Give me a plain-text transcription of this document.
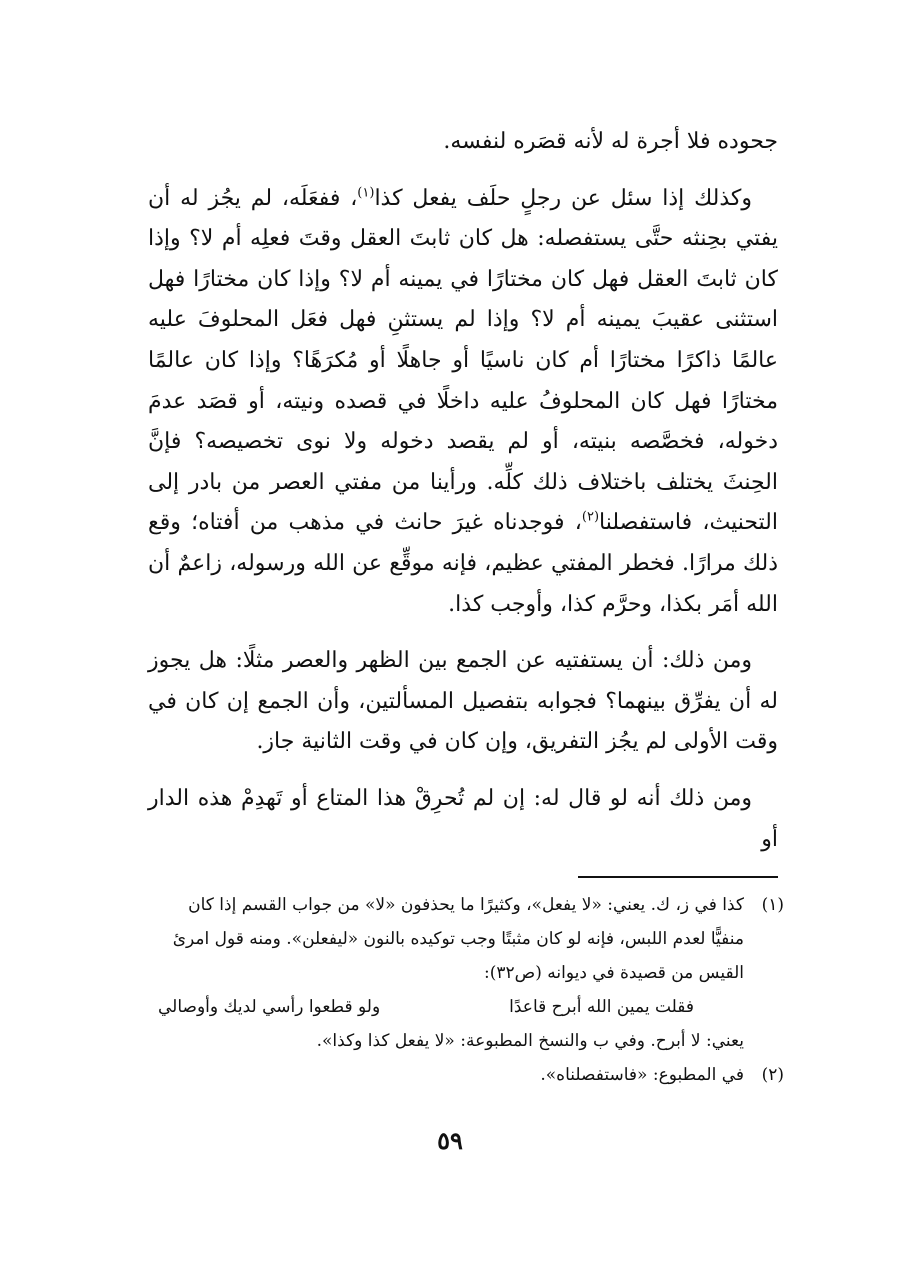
جحوده فلا أجرة له لأنه قصَره لنفسه.

وكذلك إذا سئل عن رجلٍ حلَف يفعل كذا$^{(١)}$، ففعَلَه، لم يجُز له أن يفتي بحِنثه حتَّى يستفصله: هل كان ثابتَ العقل وقتَ فعلِه أم لا؟ وإذا كان ثابتَ العقل فهل كان مختارًا في يمينه أم لا؟ وإذا كان مختارًا فهل استثنى عقيبَ يمينه أم لا؟ وإذا لم يستثنِ فهل فعَل المحلوفَ عليه عالمًا ذاكرًا مختارًا أم كان ناسيًا أو جاهلًا أو مُكرَهًا؟ وإذا كان عالمًا مختارًا فهل كان المحلوفُ عليه داخلًا في قصده ونيته، أو قصَد عدمَ دخوله، فخصَّصه بنيته، أو لم يقصد دخوله ولا نوى تخصيصه؟ فإنَّ الحِنثَ يختلف باختلاف ذلك كلِّه. ورأينا من مفتي العصر من بادر إلى التحنيث، فاستفصلنا$^{(٢)}$، فوجدناه غيرَ حانث في مذهب من أفتاه؛ وقع ذلك مرارًا. فخطر المفتي عظيم، فإنه موقِّع عن الله ورسوله، زاعمٌ أن الله أمَر بكذا، وحرَّم كذا، وأوجب كذا.

ومن ذلك: أن يستفتيه عن الجمع بين الظهر والعصر مثلًا: هل يجوز له أن يفرِّق بينهما؟ فجوابه بتفصيل المسألتين، وأن الجمع إن كان في وقت الأولى لم يجُز التفريق، وإن كان في وقت الثانية جاز.

ومن ذلك أنه لو قال له: إن لم تُحرِقْ هذا المتاع أو تَهدِمْ هذه الدار أو

(١)
كذا في ز، ك. يعني: «لا يفعل»، وكثيرًا ما يحذفون «لا» من جواب القسم إذا كان
منفيًّا لعدم اللبس، فإنه لو كان مثبتًا وجب توكيده بالنون «ليفعلن». ومنه قول امرئ
القيس من قصيدة في ديوانه (ص٣٢):
فقلت يمين الله أبرح قاعدًا
ولو قطعوا رأسي لديك وأوصالي
يعني: لا أبرح. وفي ب والنسخ المطبوعة: «لا يفعل كذا وكذا».
(٢)
في المطبوع: «فاستفصلناه».
٥٩
